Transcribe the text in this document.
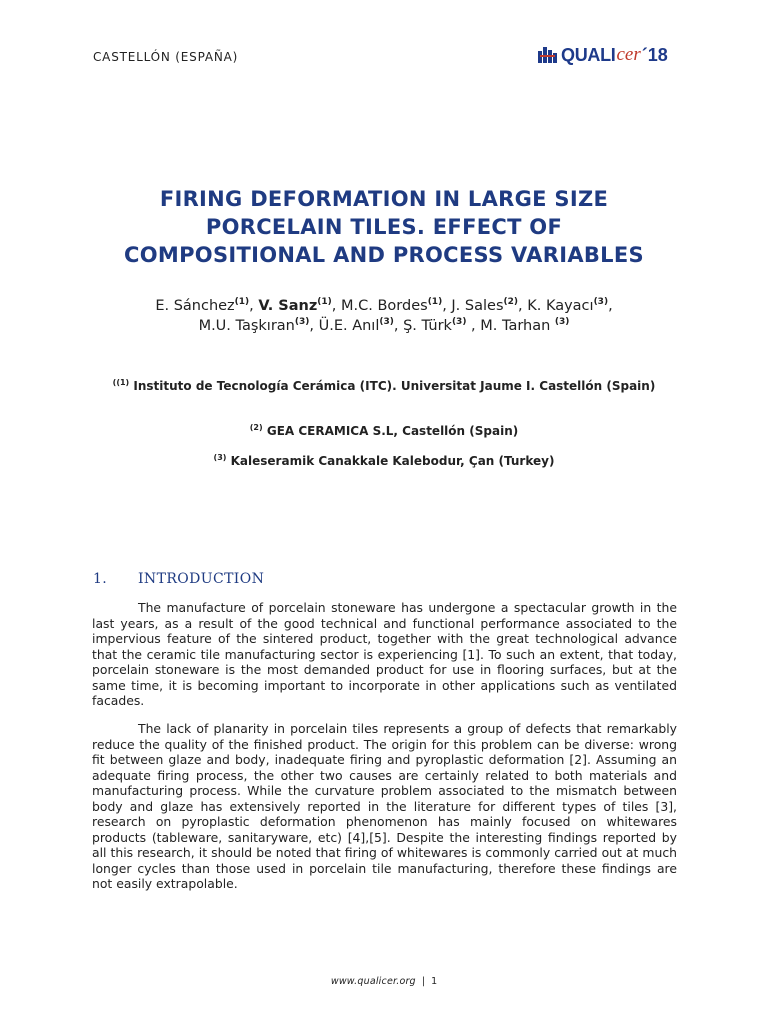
CASTELLÓN (ESPAÑA)	QUALI cer ´18
FIRING DEFORMATION IN LARGE SIZE
PORCELAIN TILES. EFFECT OF
COMPOSITIONAL AND PROCESS VARIABLES
E. Sánchez$^{(1)}$, V. Sanz$^{(1)}$, M.C. Bordes$^{(1)}$, J. Sales$^{(2)}$, K. Kayacı$^{(3)}$,
M.U. Taşkıran$^{(3)}$, Ü.E. Anıl$^{(3)}$, Ş. Türk$^{(3)}$ , M. Tarhan $^{(3)}$
$^{((1)}$ Instituto de Tecnología Cerámica (ITC). Universitat Jaume I. Castellón (Spain)
$^{(2)}$ GEA CERAMICA S.L, Castellón (Spain)
$^{(3)}$ Kaleseramik Canakkale Kalebodur, Çan (Turkey)
1. INTRODUCTION

The manufacture of porcelain stoneware has undergone a spectacular growth in the last years, as a result of the good technical and functional performance associated to the impervious feature of the sintered product, together with the great technological advance that the ceramic tile manufacturing sector is experiencing [1]. To such an extent, that today, porcelain stoneware is the most demanded product for use in flooring surfaces, but at the same time, it is becoming important to incorporate in other applications such as ventilated facades.

The lack of planarity in porcelain tiles represents a group of defects that remarkably reduce the quality of the finished product. The origin for this problem can be diverse: wrong fit between glaze and body, inadequate firing and pyroplastic deformation [2]. Assuming an adequate firing process, the other two causes are certainly related to both materials and manufacturing process. While the curvature problem associated to the mismatch between body and glaze has extensively reported in the literature for different types of tiles [3], research on pyroplastic deformation phenomenon has mainly focused on whitewares products (tableware, sanitaryware, etc) [4],[5]. Despite the interesting findings reported by all this research, it should be noted that firing of whitewares is commonly carried out at much longer cycles than those used in porcelain tile manufacturing, therefore these findings are not easily extrapolable.

www.qualicer.org | 1
